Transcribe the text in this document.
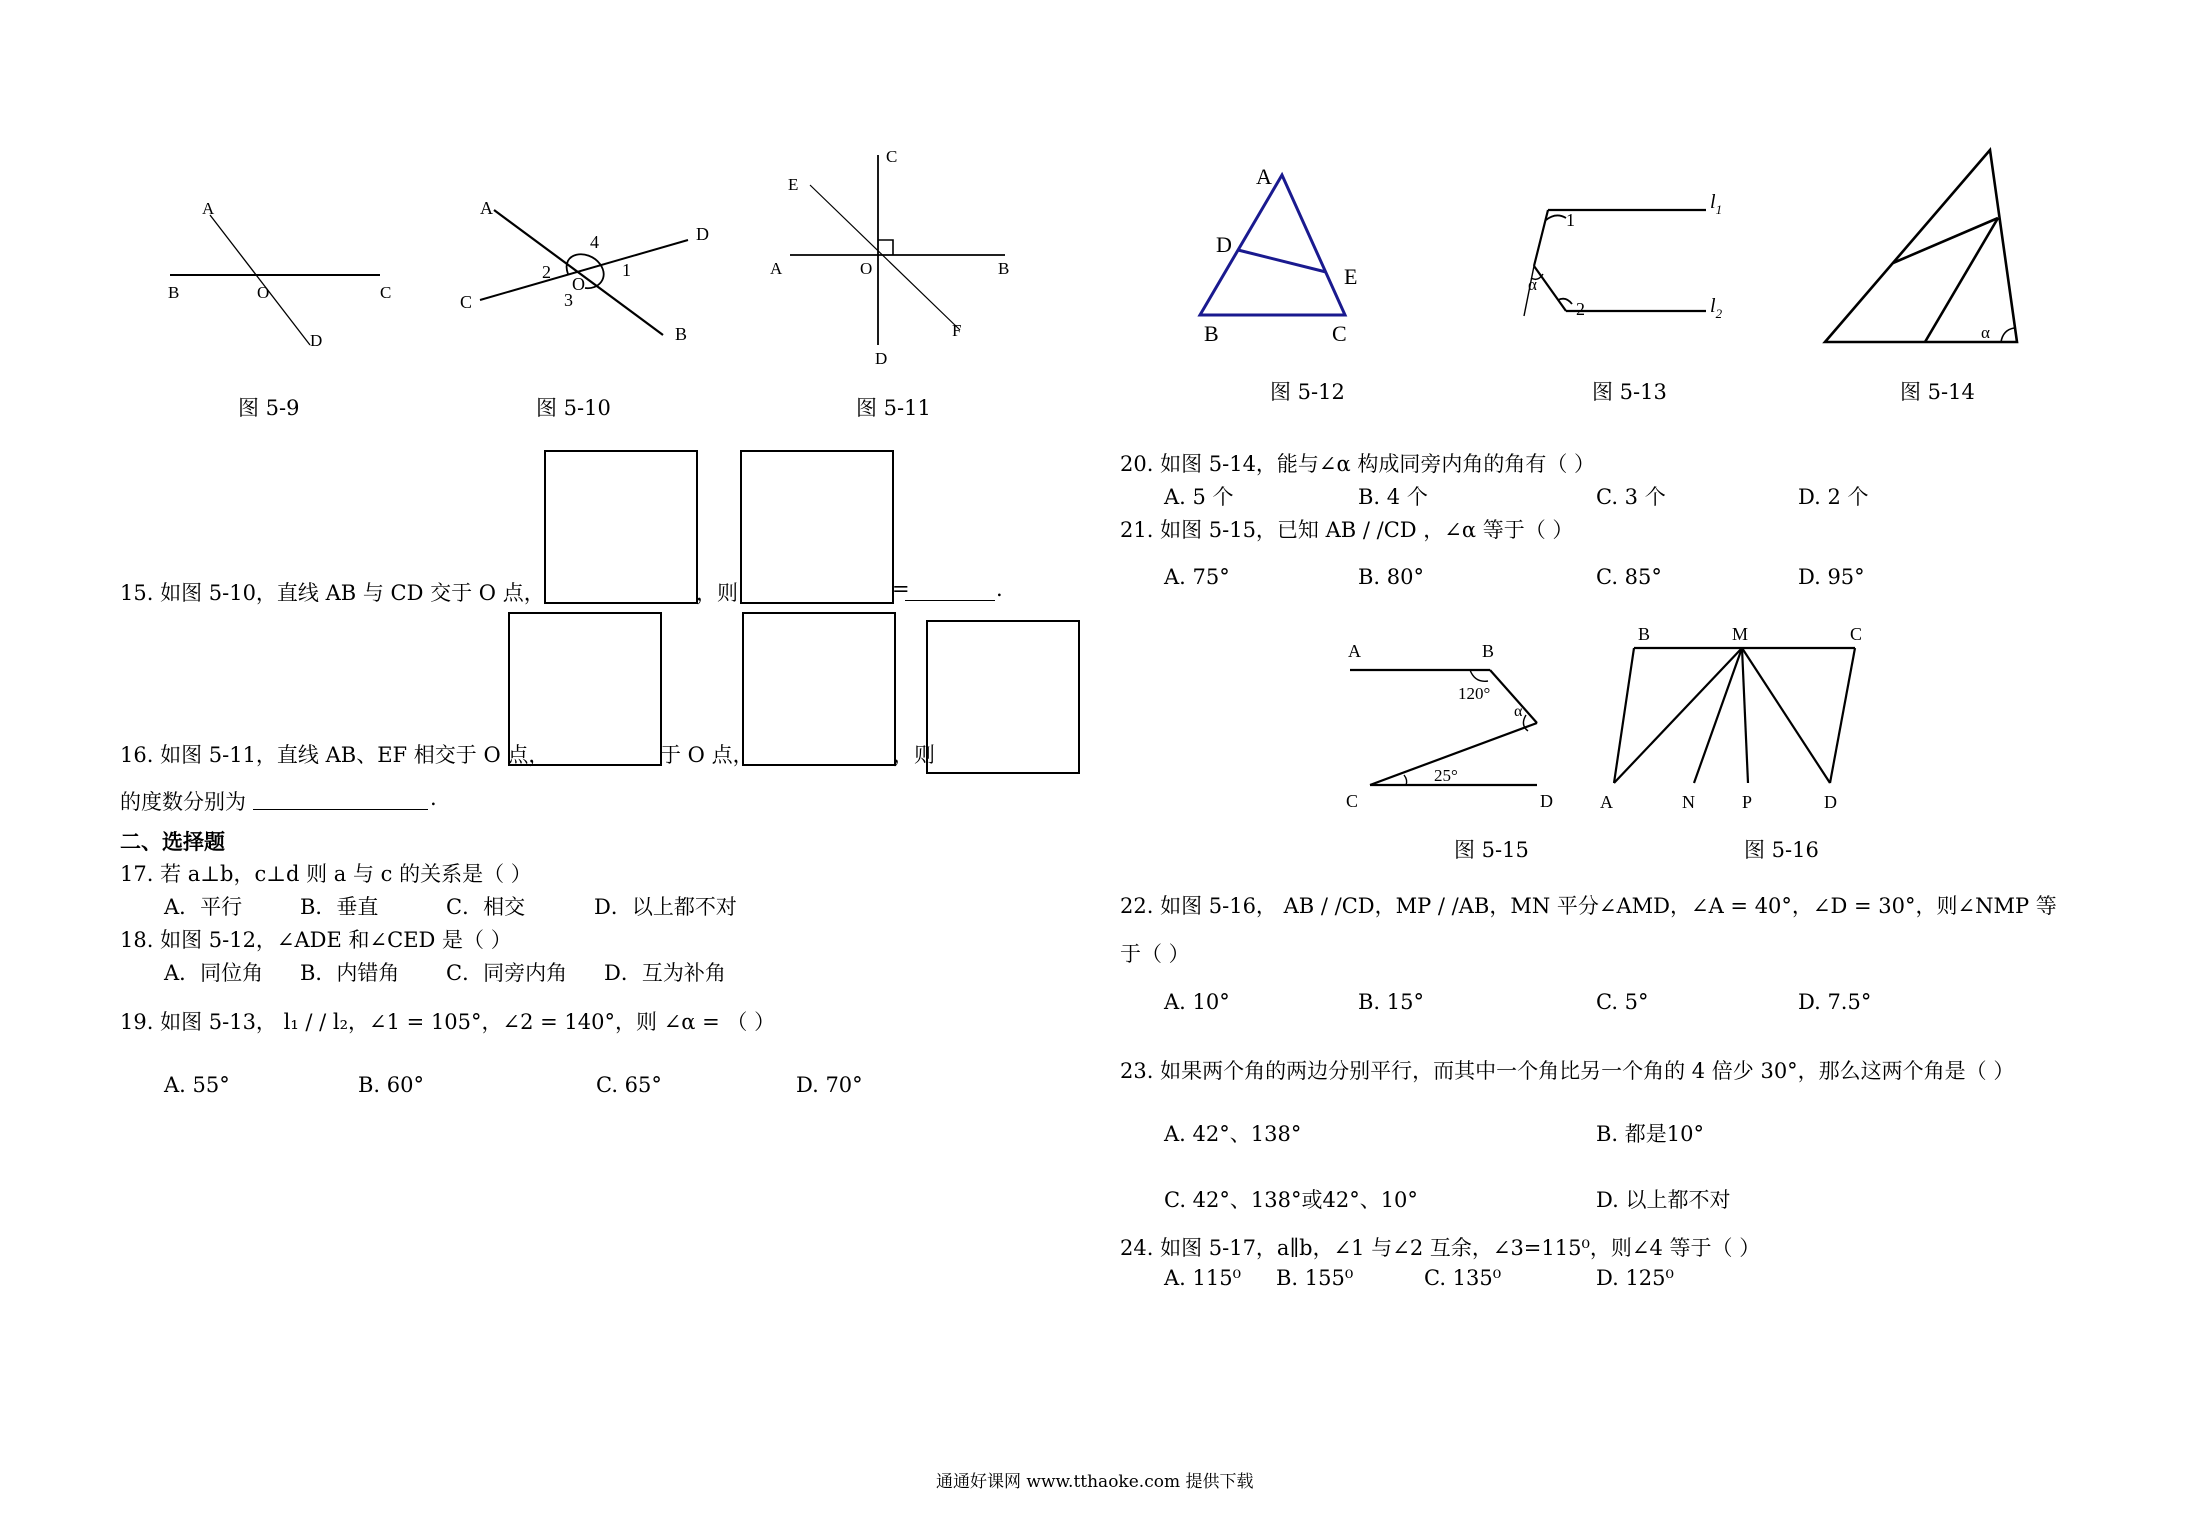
A
B	O	C
D
图 5-9
A
C
D
B
O
1
2
3
4
图 5-10
C
E
A	O	B
F
D
图 5-11
A
D
E
B	C
图 5-12
1
2
α
$l_1$
$l_2$
图 5-13
α
图 5-14
A	B
120°
α
25°
C	D
图 5-15
B	M	C
A	N	P	D
图 5-16
15. 如图 5-10，直线 AB 与 CD 交于 O 点，	，则	=	.
16. 如图 5-11，直线 AB、EF 相交于 O 点，	于 O 点，	，则
的度数分别为	.
二、选择题
17. 若 a⊥b，c⊥d 则 a 与 c 的关系是（ ）
A．平行	B．垂直	C．相交	D．以上都不对
18. 如图 5-12，∠ADE 和∠CED 是（ ）
A．同位角 B．内错角 C．同旁内角 D．互为补角
19. 如图 5-13， l₁ / / l₂，∠1 = 105°，∠2 = 140°，则 ∠α = （ ）
A. 55°	B. 60°	C. 65°	D. 70°
20. 如图 5-14，能与∠α 构成同旁内角的角有（ ）
A. 5 个	B. 4 个	C. 3 个	D. 2 个
21. 如图 5-15，已知 AB / /CD ，∠α 等于（ ）
A. 75°	B. 80°	C. 85°	D. 95°
22. 如图 5-16， AB / /CD，MP / /AB，MN 平分∠AMD，∠A = 40°，∠D = 30°，则∠NMP 等
于（ ）
A. 10°	B. 15°	C. 5°	D. 7.5°
23. 如果两个角的两边分别平行，而其中一个角比另一个角的 4 倍少 30°，那么这两个角是（ ）
A. 42°、138°	B. 都是10°
C. 42°、138°或42°、10°	D. 以上都不对
24. 如图 5-17，a∥b，∠1 与∠2 互余，∠3=115⁰，则∠4 等于（ ）
A. 115⁰ B. 155⁰	C. 135⁰	D. 125⁰
通通好课网 www.tthaoke.com 提供下载
